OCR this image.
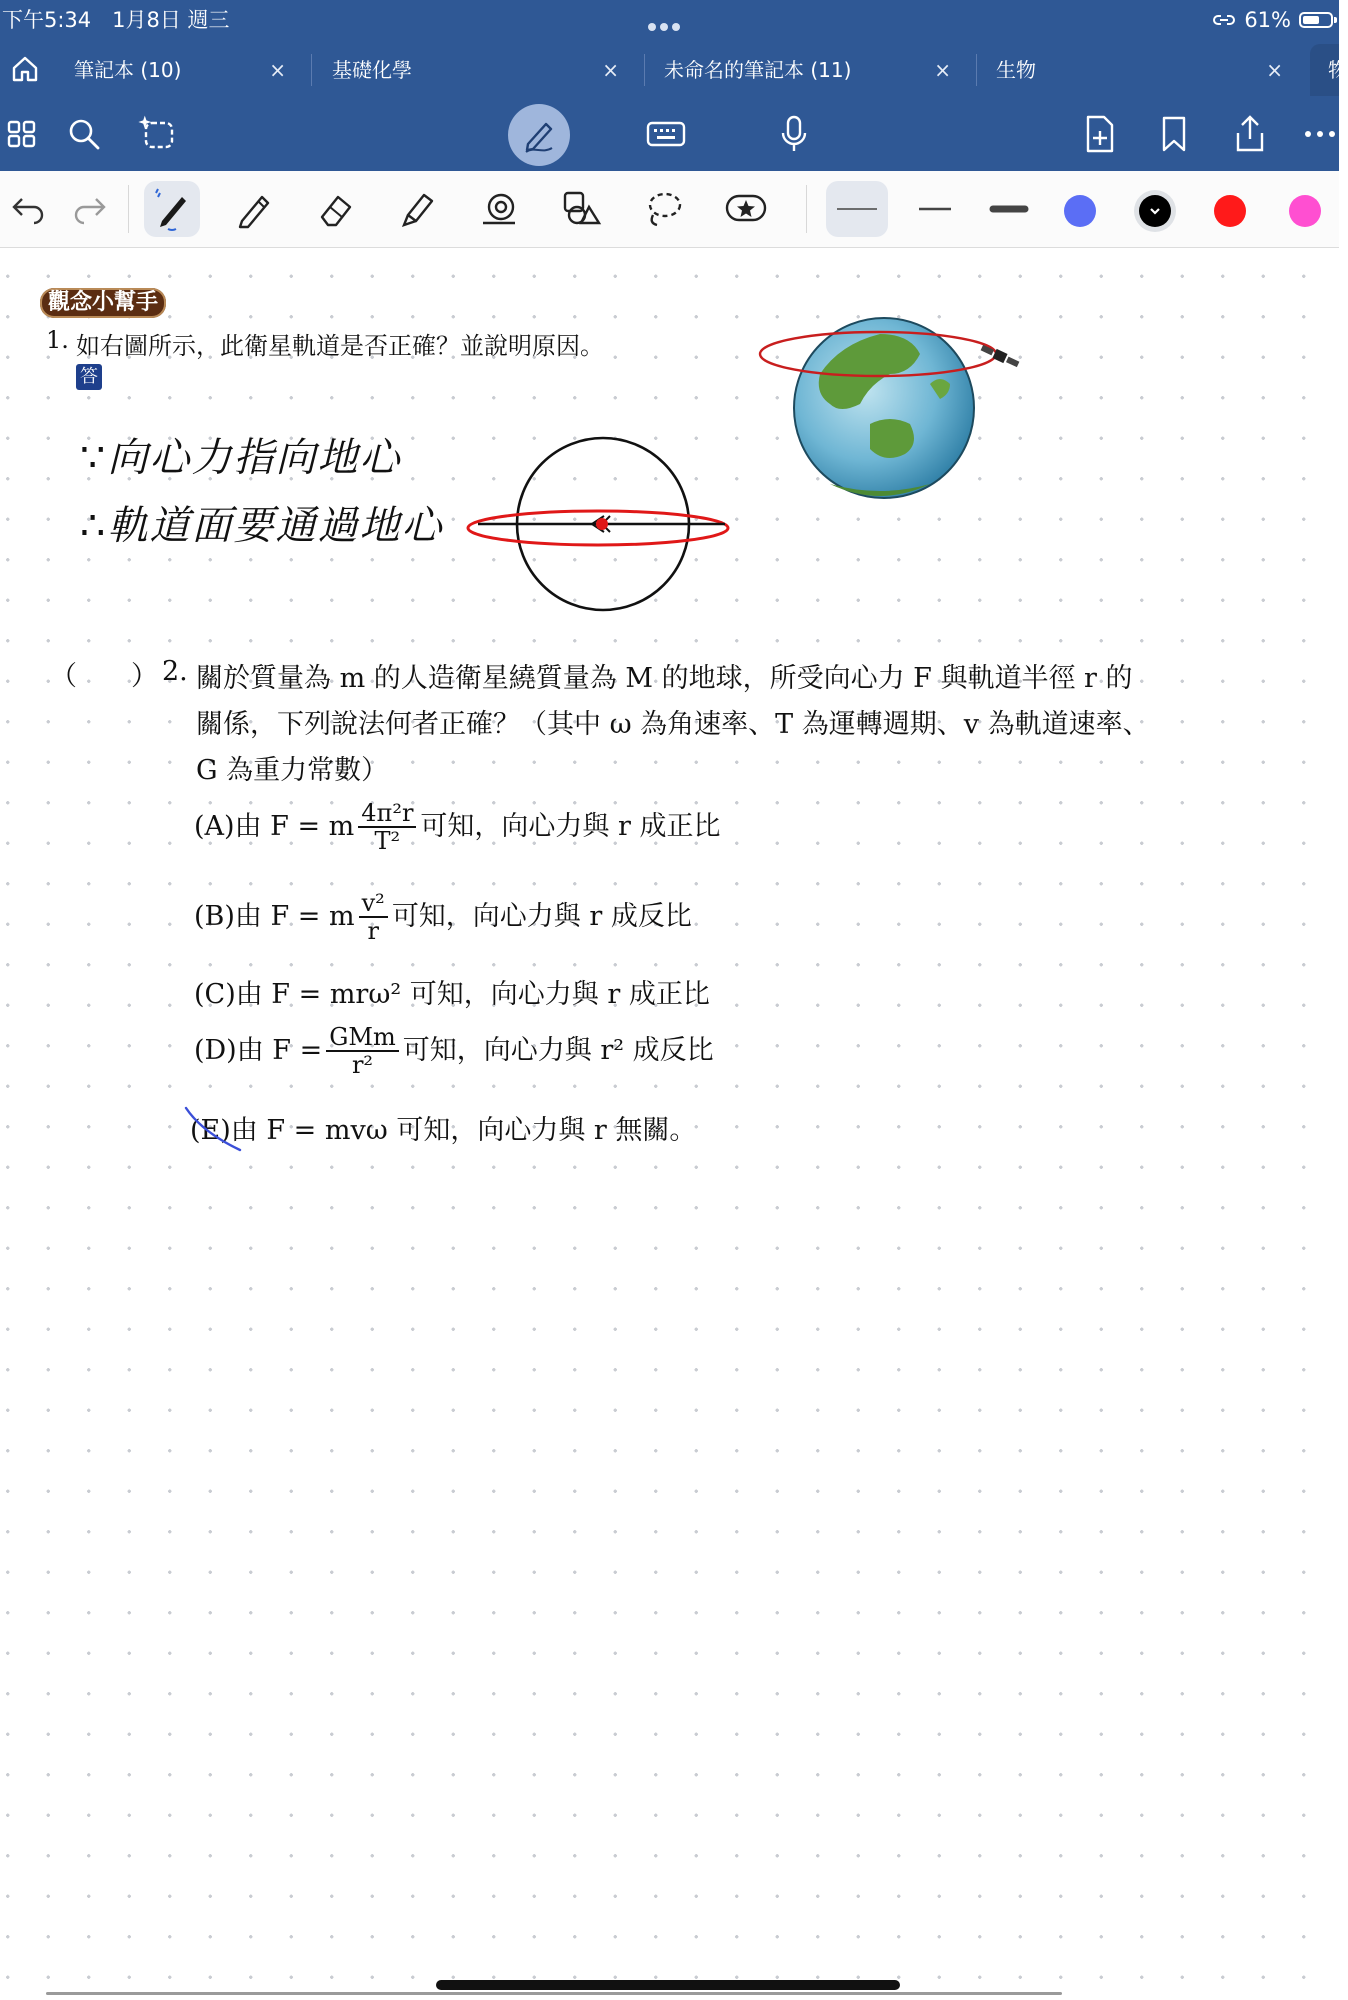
下午5:34　1月8日 週三	61%
筆記本 (10)	×	基礎化學	×	未命名的筆記本 (11)	×	生物	×	物
觀念小幫手
1. 如右圖所示，此衛星軌道是否正確？並說明原因。
答
∵向心力指向地心
∴軌道面要通過地心
（　　） 2. 關於質量為 m 的人造衛星繞質量為 M 的地球，所受向心力 F 與軌道半徑 r 的
關係，下列說法何者正確？（其中 ω 為角速率、T 為運轉週期、v 為軌道速率、
G 為重力常數）
(A)由 F = m $\frac{\text{4π²r}}{\text{T²}}$ 可知，向心力與 r 成正比
(B)由 F = m $\frac{\text{v²}}{r}$ 可知，向心力與 r 成反比
(C)由 F = mrω² 可知，向心力與 r 成正比
(D)由 $F = \frac{\text{GMm}}{\text{r²}}$ 可知，向心力與 r² 成反比
(E)由 F = mvω 可知，向心力與 r 無關。
